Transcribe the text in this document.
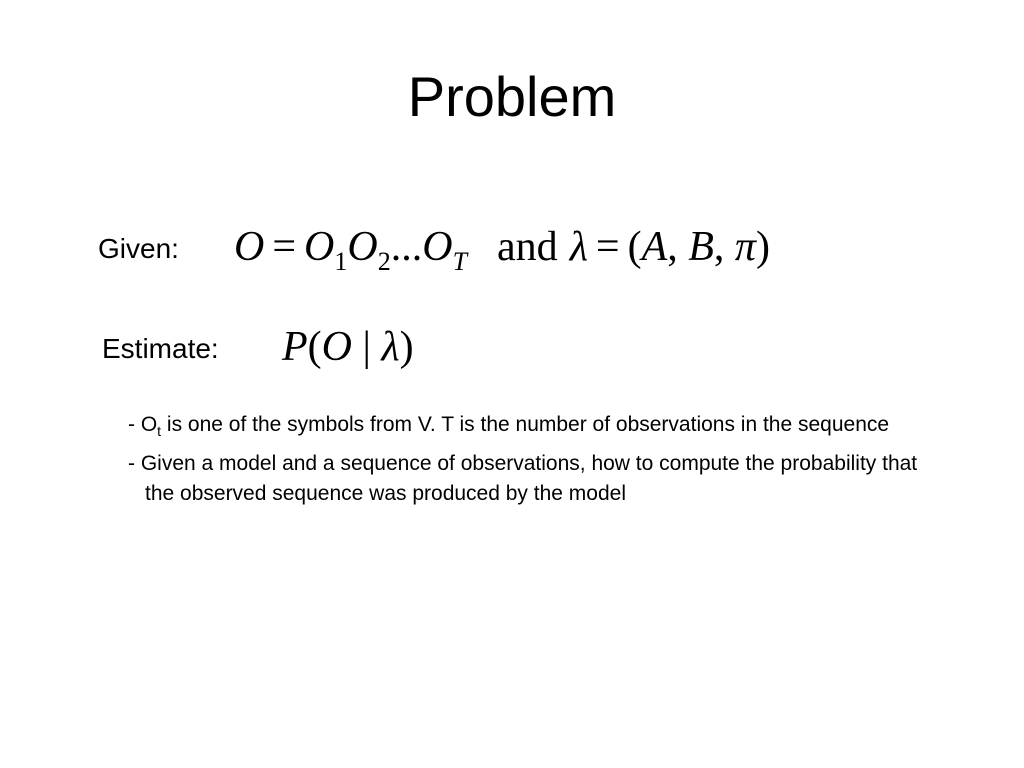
Problem
Given: $O = O_1O_2...O_T$ and λ = (A, B, π)
Estimate: P(O | λ)
- $O_t$ is one of the symbols from V. T is the number of observations in the sequence
- Given a model and a sequence of observations, how to compute the probability that the observed sequence was produced by the model
